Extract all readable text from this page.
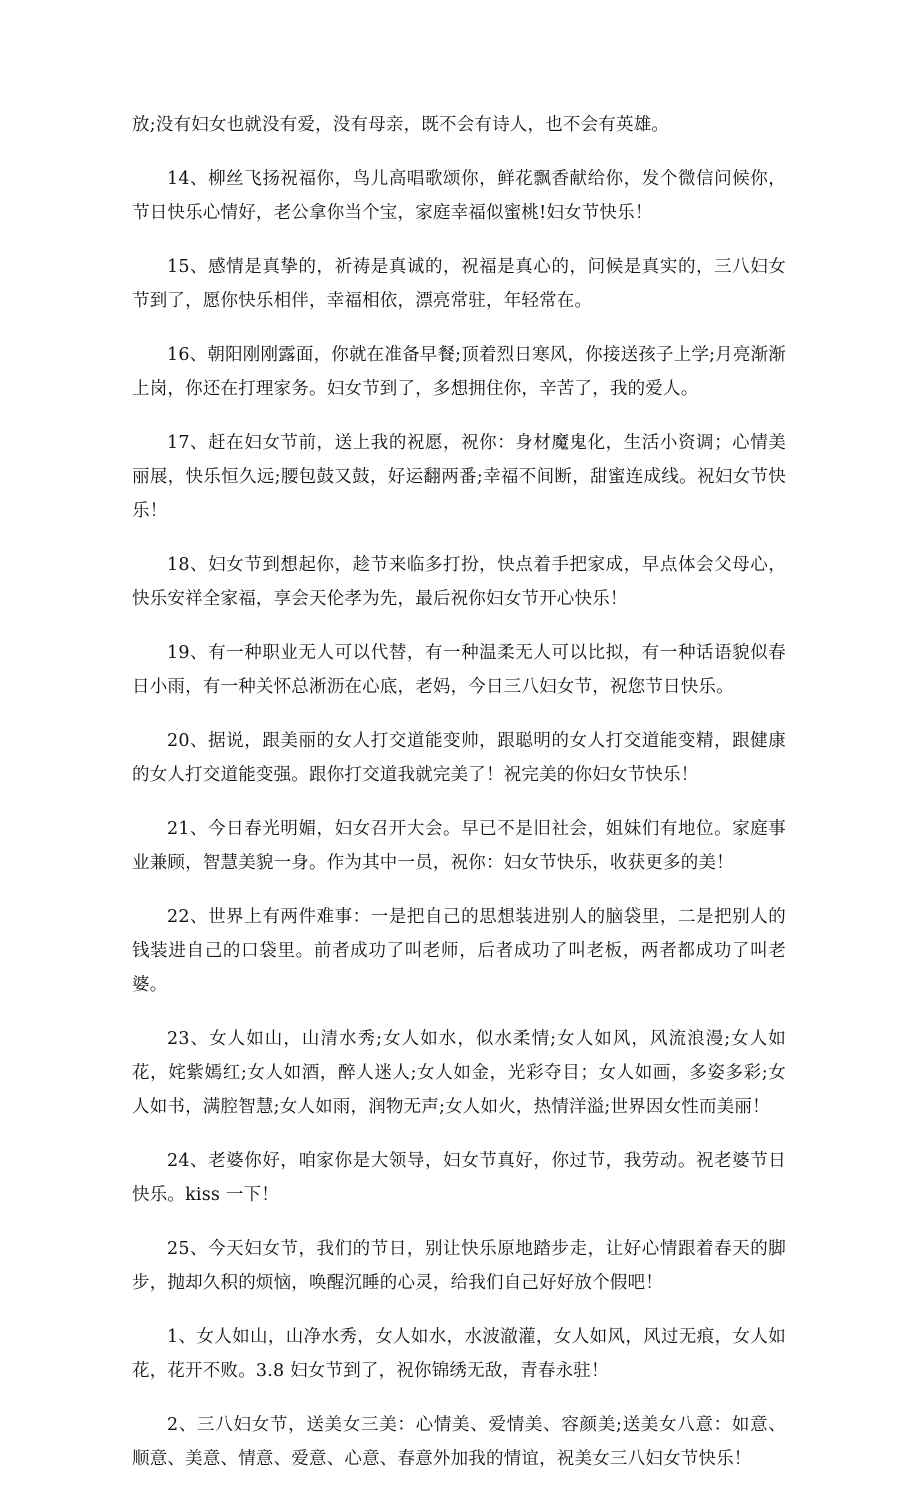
放;没有妇女也就没有爱，没有母亲，既不会有诗人，也不会有英雄。

14、柳丝飞扬祝福你，鸟儿高唱歌颂你，鲜花飘香献给你，发个微信问候你，节日快乐心情好，老公拿你当个宝，家庭幸福似蜜桃!妇女节快乐！

15、感情是真挚的，祈祷是真诚的，祝福是真心的，问候是真实的，三八妇女节到了，愿你快乐相伴，幸福相依，漂亮常驻，年轻常在。

16、朝阳刚刚露面，你就在准备早餐;顶着烈日寒风，你接送孩子上学;月亮渐渐上岗，你还在打理家务。妇女节到了，多想拥住你，辛苦了，我的爱人。

17、赶在妇女节前，送上我的祝愿，祝你：身材魔鬼化，生活小资调；心情美丽展，快乐恒久远;腰包鼓又鼓，好运翻两番;幸福不间断，甜蜜连成线。祝妇女节快乐！

18、妇女节到想起你，趁节来临多打扮，快点着手把家成，早点体会父母心，快乐安祥全家福，享会天伦孝为先，最后祝你妇女节开心快乐！

19、有一种职业无人可以代替，有一种温柔无人可以比拟，有一种话语貌似春日小雨，有一种关怀总淅沥在心底，老妈，今日三八妇女节，祝您节日快乐。

20、据说，跟美丽的女人打交道能变帅，跟聪明的女人打交道能变精，跟健康的女人打交道能变强。跟你打交道我就完美了！祝完美的你妇女节快乐！

21、今日春光明媚，妇女召开大会。早已不是旧社会，姐妹们有地位。家庭事业兼顾，智慧美貌一身。作为其中一员，祝你：妇女节快乐，收获更多的美！

22、世界上有两件难事：一是把自己的思想装进别人的脑袋里，二是把别人的钱装进自己的口袋里。前者成功了叫老师，后者成功了叫老板，两者都成功了叫老婆。

23、女人如山，山清水秀;女人如水，似水柔情;女人如风，风流浪漫;女人如花，姹紫嫣红;女人如酒，醉人迷人;女人如金，光彩夺目；女人如画，多姿多彩;女人如书，满腔智慧;女人如雨，润物无声;女人如火，热情洋溢;世界因女性而美丽！

24、老婆你好，咱家你是大领导，妇女节真好，你过节，我劳动。祝老婆节日快乐。kiss 一下！

25、今天妇女节，我们的节日，别让快乐原地踏步走，让好心情跟着春天的脚步，抛却久积的烦恼，唤醒沉睡的心灵，给我们自己好好放个假吧！

1、女人如山，山净水秀，女人如水，水波澈灌，女人如风，风过无痕，女人如花，花开不败。3.8 妇女节到了，祝你锦绣无敌，青春永驻！

2、三八妇女节，送美女三美：心情美、爱情美、容颜美;送美女八意：如意、顺意、美意、情意、爱意、心意、春意外加我的情谊，祝美女三八妇女节快乐！
